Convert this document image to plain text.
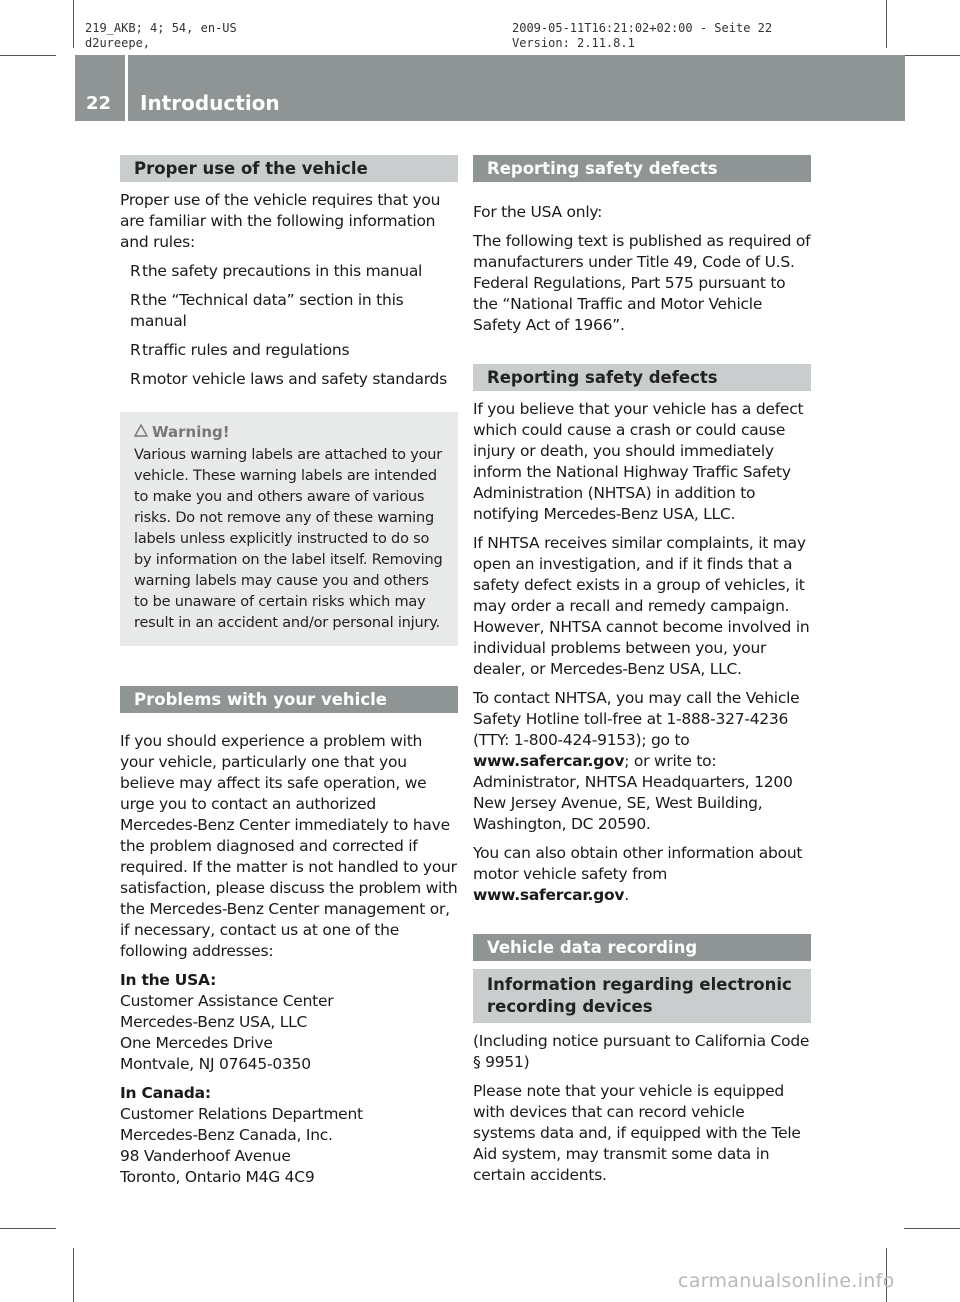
219_AKB; 4; 54, en-US
d2ureepe,
2009-05-11T16:21:02+02:00 - Seite 22
Version: 2.11.8.1
22 Introduction
Proper use of the vehicle
Proper use of the vehicle requires that you are familiar with the following information and rules:
Rthe safety precautions in this manual
Rthe “Technical data” section in this manual
Rtraffic rules and regulations
Rmotor vehicle laws and safety standards
Warning!
Various warning labels are attached to your vehicle. These warning labels are intended to make you and others aware of various risks. Do not remove any of these warning labels unless explicitly instructed to do so by information on the label itself. Removing warning labels may cause you and others to be unaware of certain risks which may result in an accident and/or personal injury.
Problems with your vehicle
If you should experience a problem with your vehicle, particularly one that you believe may affect its safe operation, we urge you to contact an authorized Mercedes-Benz Center immediately to have the problem diagnosed and corrected if required. If the matter is not handled to your satisfaction, please discuss the problem with the Mercedes-Benz Center management or, if necessary, contact us at one of the following addresses:
In the USA:
Customer Assistance Center
Mercedes-Benz USA, LLC
One Mercedes Drive
Montvale, NJ 07645-0350
In Canada:
Customer Relations Department
Mercedes-Benz Canada, Inc.
98 Vanderhoof Avenue
Toronto, Ontario M4G 4C9
Reporting safety defects
For the USA only:
The following text is published as required of manufacturers under Title 49, Code of U.S. Federal Regulations, Part 575 pursuant to the “National Traffic and Motor Vehicle Safety Act of 1966”.
Reporting safety defects
If you believe that your vehicle has a defect which could cause a crash or could cause injury or death, you should immediately inform the National Highway Traffic Safety Administration (NHTSA) in addition to notifying Mercedes-Benz USA, LLC.
If NHTSA receives similar complaints, it may open an investigation, and if it finds that a safety defect exists in a group of vehicles, it may order a recall and remedy campaign. However, NHTSA cannot become involved in individual problems between you, your dealer, or Mercedes-Benz USA, LLC.
To contact NHTSA, you may call the Vehicle Safety Hotline toll-free at 1-888-327-4236 (TTY: 1-800-424-9153); go to
www.safercar.gov; or write to: Administrator, NHTSA Headquarters, 1200 New Jersey Avenue, SE, West Building, Washington, DC 20590.
You can also obtain other information about motor vehicle safety from
www.safercar.gov.
Vehicle data recording
Information regarding electronic recording devices
(Including notice pursuant to California Code § 9951)
Please note that your vehicle is equipped with devices that can record vehicle systems data and, if equipped with the Tele Aid system, may transmit some data in certain accidents.
carmanualsonline.info
